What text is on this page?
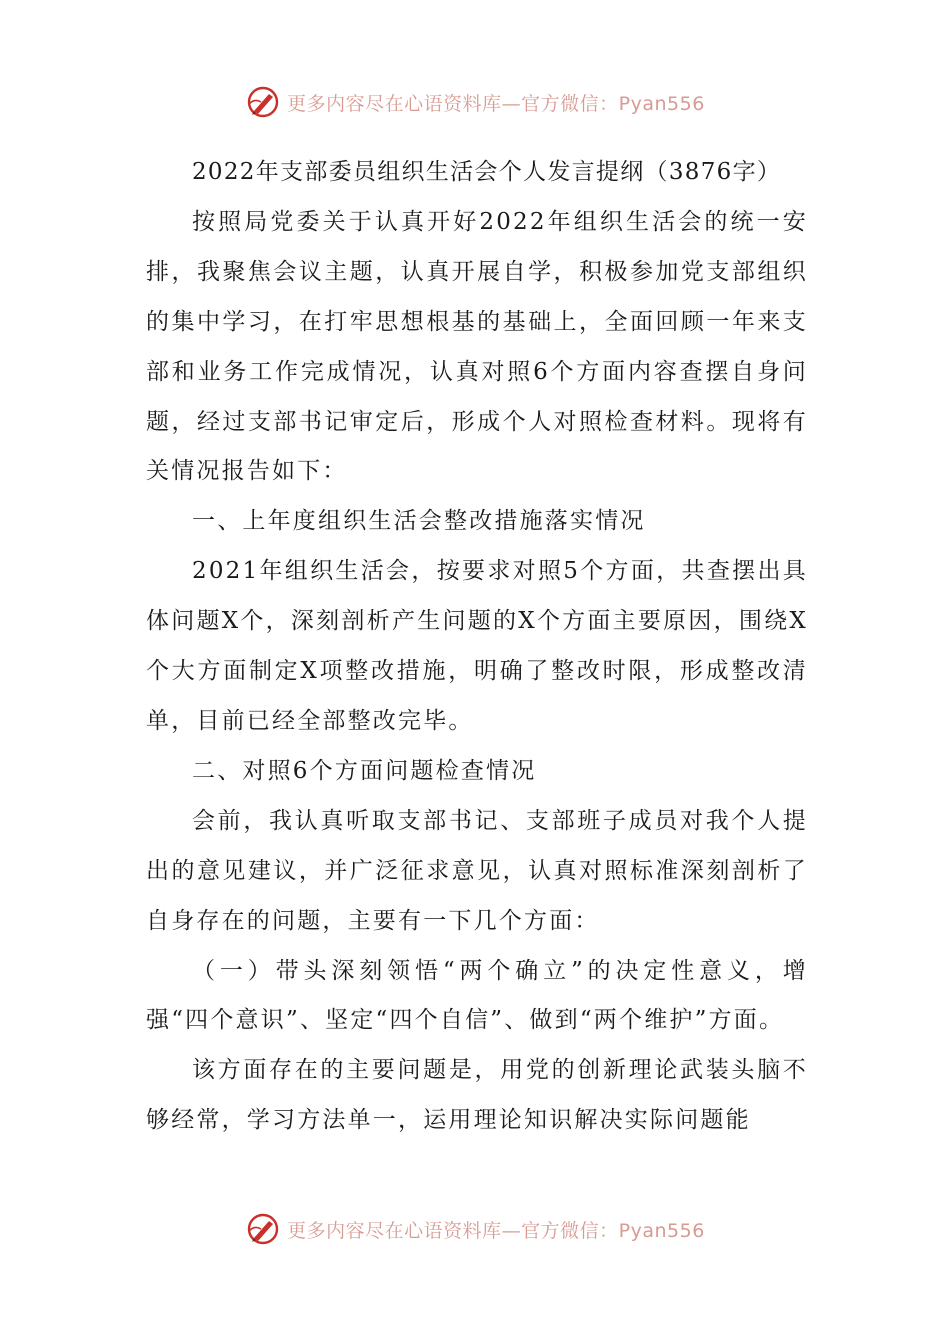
更多内容尽在心语资料库—官方微信：Pyan556

2022年支部委员组织生活会个人发言提纲（3876字）

按照局党委关于认真开好2022年组织生活会的统一安排，我聚焦会议主题，认真开展自学，积极参加党支部组织的集中学习，在打牢思想根基的基础上，全面回顾一年来支部和业务工作完成情况，认真对照6个方面内容查摆自身问题，经过支部书记审定后，形成个人对照检查材料。现将有关情况报告如下：

一、上年度组织生活会整改措施落实情况

2021年组织生活会，按要求对照5个方面，共查摆出具体问题X个，深刻剖析产生问题的X个方面主要原因，围绕X个大方面制定X项整改措施，明确了整改时限，形成整改清单，目前已经全部整改完毕。

二、对照6个方面问题检查情况

会前，我认真听取支部书记、支部班子成员对我个人提出的意见建议，并广泛征求意见，认真对照标准深刻剖析了自身存在的问题，主要有一下几个方面：

（一）带头深刻领悟“两个确立”的决定性意义，增强“四个意识”、坚定“四个自信”、做到“两个维护”方面。

该方面存在的主要问题是，用党的创新理论武装头脑不够经常，学习方法单一，运用理论知识解决实际问题能

更多内容尽在心语资料库—官方微信：Pyan556
